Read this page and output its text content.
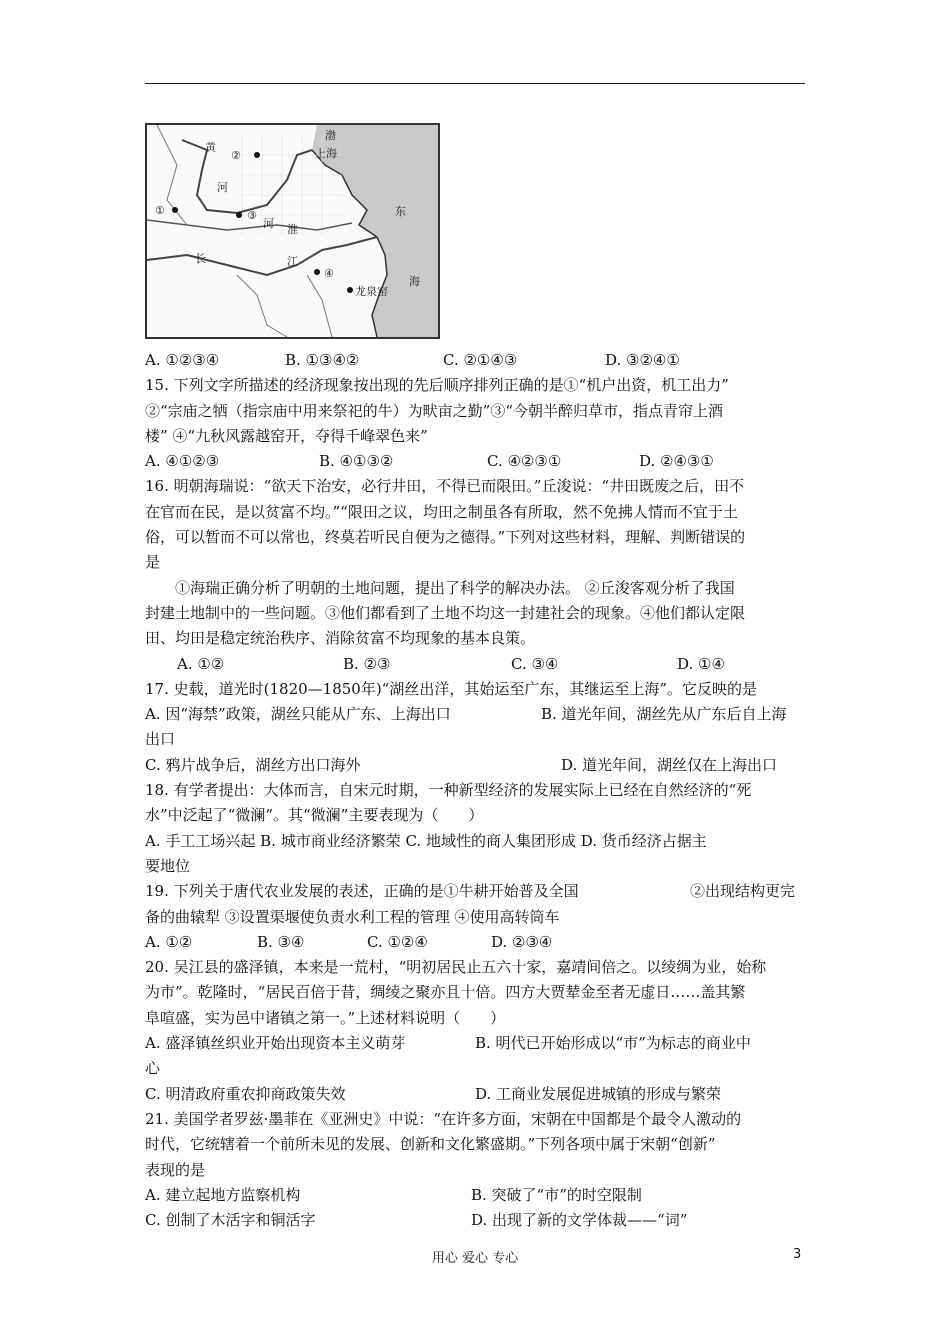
渤
上海
黄
河
淮
河
长	江
东
海
龙泉窑
②
①	③
④
A. ①②③④	B. ①③④②	C. ②①④③	D. ③②④①
15. 下列文字所描述的经济现象按出现的先后顺序排列正确的是①“机户出资，机工出力”
②“宗庙之牺（指宗庙中用来祭祀的牛）为畎亩之勤”③“今朝半醉归草市，指点青帘上酒
楼” ④“九秋风露越窑开，夺得千峰翠色来”
A. ④①②③	B. ④①③②	C. ④②③①	D. ②④③①
16. 明朝海瑞说：“欲天下治安，必行井田，不得已而限田。”丘浚说：“井田既废之后，田不
在官而在民，是以贫富不均。”“限田之议，均田之制虽各有所取，然不免拂人情而不宜于土
俗，可以暂而不可以常也，终莫若听民自便为之德得。”下列对这些材料，理解、判断错误的
是
①海瑞正确分析了明朝的土地问题，提出了科学的解决办法。 ②丘浚客观分析了我国
封建土地制中的一些问题。③他们都看到了土地不均这一封建社会的现象。④他们都认定限
田、均田是稳定统治秩序、消除贫富不均现象的基本良策。
A. ①②	B. ②③	C. ③④	D. ①④
17. 史载，道光时(1820—1850年)“湖丝出洋，其始运至广东，其继运至上海”。它反映的是
A. 因“海禁”政策，湖丝只能从广东、上海出口	B. 道光年间，湖丝先从广东后自上海
出口
C. 鸦片战争后，湖丝方出口海外	D. 道光年间，湖丝仅在上海出口
18. 有学者提出：大体而言，自宋元时期，一种新型经济的发展实际上已经在自然经济的“死
水”中泛起了“微澜”。其“微澜”主要表现为（　　）
A. 手工工场兴起 B. 城市商业经济繁荣 C. 地域性的商人集团形成 D. 货币经济占据主
要地位
19. 下列关于唐代农业发展的表述，正确的是①牛耕开始普及全国	②出现结构更完
备的曲辕犁 ③设置渠堰使负责水利工程的管理 ④使用高转筒车
A. ①②	B. ③④	C. ①②④	D. ②③④
20. 吴江县的盛泽镇，本来是一荒村，“明初居民止五六十家，嘉靖间倍之。以绫绸为业，始称
为市”。乾隆时，“居民百倍于昔，绸绫之聚亦且十倍。四方大贾辇金至者无虚日……盖其繁
阜喧盛，实为邑中诸镇之第一。”上述材料说明（　　）
A. 盛泽镇丝织业开始出现资本主义萌芽	B. 明代已开始形成以“市”为标志的商业中
心
C. 明清政府重农抑商政策失效	D. 工商业发展促进城镇的形成与繁荣
21. 美国学者罗兹·墨菲在《亚洲史》中说：“在许多方面，宋朝在中国都是个最令人激动的
时代，它统辖着一个前所未见的发展、创新和文化繁盛期。”下列各项中属于宋朝“创新”
表现的是
A. 建立起地方监察机构	B. 突破了“市”的时空限制
C. 创制了木活字和铜活字	D. 出现了新的文学体裁——“词”
用心 爱心 专心	3
